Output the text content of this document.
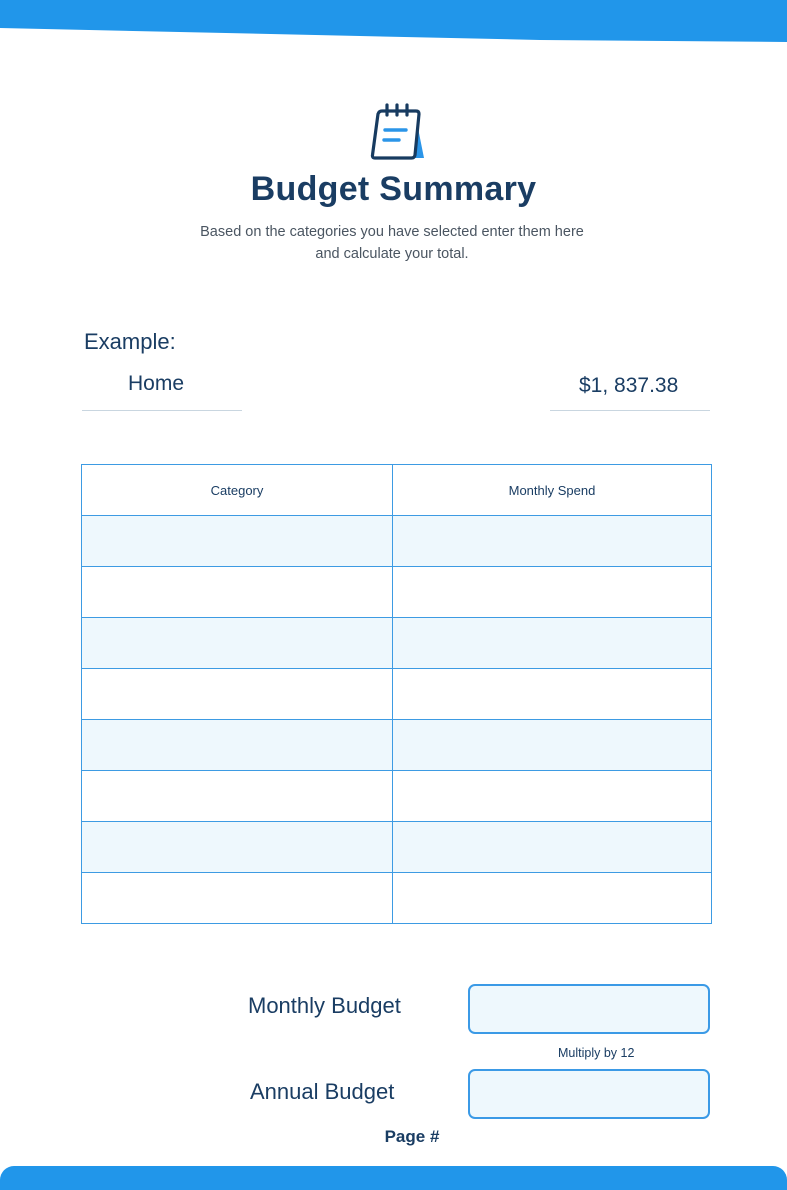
Budget Summary
Based on the categories you have selected enter them here and calculate your total.
Example:
Home	$1, 837.38
Category	Monthly Spend

Monthly Budget
Multiply by 12
Annual Budget
Page #
